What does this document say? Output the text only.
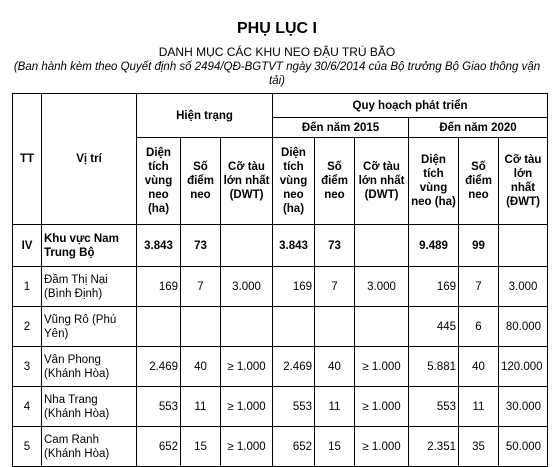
PHỤ LỤC I
DANH MỤC CÁC KHU NEO ĐẬU TRÚ BÃO
(Ban hành kèm theo Quyết định số 2494/QĐ-BGTVT ngày 30/6/2014 của Bộ trưởng Bộ Giao thông vận tải)
TT	Vị trí	Hiện trạng			Quy hoạch phát triển					
					Đến năm 2015			Đến năm 2020		
		Diện tích vùng neo (ha)	Số điểm neo	Cỡ tàu lớn nhất (DWT)	Diện tích vùng neo (ha)	Số điểm neo	Cỡ tàu lớn nhất (DWT)	Diện tích vùng neo (ha)	Số điểm neo	Cỡ tàu lớn nhất (ĐWT)
IV	Khu vực Nam Trung Bộ	3.843	73		3.843	73		9.489	99	
1	Đầm Thị Nại (Bình Định)	169	7	3.000	169	7	3.000	169	7	3.000
2	Vũng Rô (Phú Yên)							445	6	80.000
3	Vân Phong (Khánh Hòa)	2.469	40	≥ 1.000	2.469	40	≥ 1.000	5.881	40	120.000
4	Nha Trang (Khánh Hòa)	553	11	≥ 1.000	553	11	≥ 1.000	553	11	30.000
5	Cam Ranh (Khánh Hòa)	652	15	≥ 1.000	652	15	≥ 1.000	2.351	35	50.000
